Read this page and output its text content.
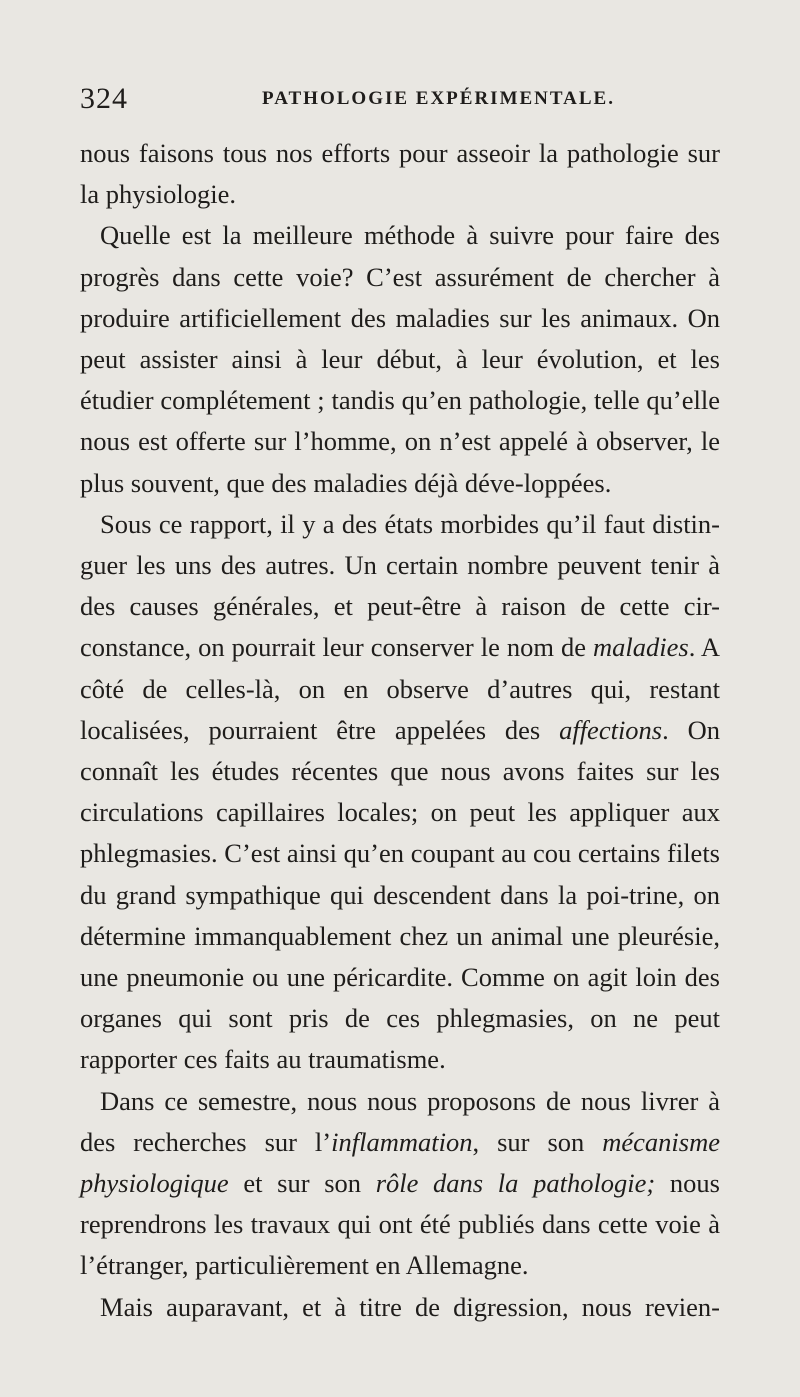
324	PATHOLOGIE EXPÉRIMENTALE.

nous faisons tous nos efforts pour asseoir la pathologie sur la physiologie.

Quelle est la meilleure méthode à suivre pour faire des progrès dans cette voie? C’est assurément de chercher à produire artificiellement des maladies sur les animaux. On peut assister ainsi à leur début, à leur évolution, et les étudier complétement ; tandis qu’en pathologie, telle qu’elle nous est offerte sur l’homme, on n’est appelé à observer, le plus souvent, que des maladies déjà déve-loppées.

Sous ce rapport, il y a des états morbides qu’il faut distin-guer les uns des autres. Un certain nombre peuvent tenir à des causes générales, et peut-être à raison de cette cir-constance, on pourrait leur conserver le nom de maladies. A côté de celles-là, on en observe d’autres qui, restant localisées, pourraient être appelées des affections. On connaît les études récentes que nous avons faites sur les circulations capillaires locales; on peut les appliquer aux phlegmasies. C’est ainsi qu’en coupant au cou certains filets du grand sympathique qui descendent dans la poi-trine, on détermine immanquablement chez un animal une pleurésie, une pneumonie ou une péricardite. Comme on agit loin des organes qui sont pris de ces phlegmasies, on ne peut rapporter ces faits au traumatisme.

Dans ce semestre, nous nous proposons de nous livrer à des recherches sur l’inflammation, sur son mécanisme physiologique et sur son rôle dans la pathologie; nous reprendrons les travaux qui ont été publiés dans cette voie à l’étranger, particulièrement en Allemagne.

Mais auparavant, et à titre de digression, nous revien-
